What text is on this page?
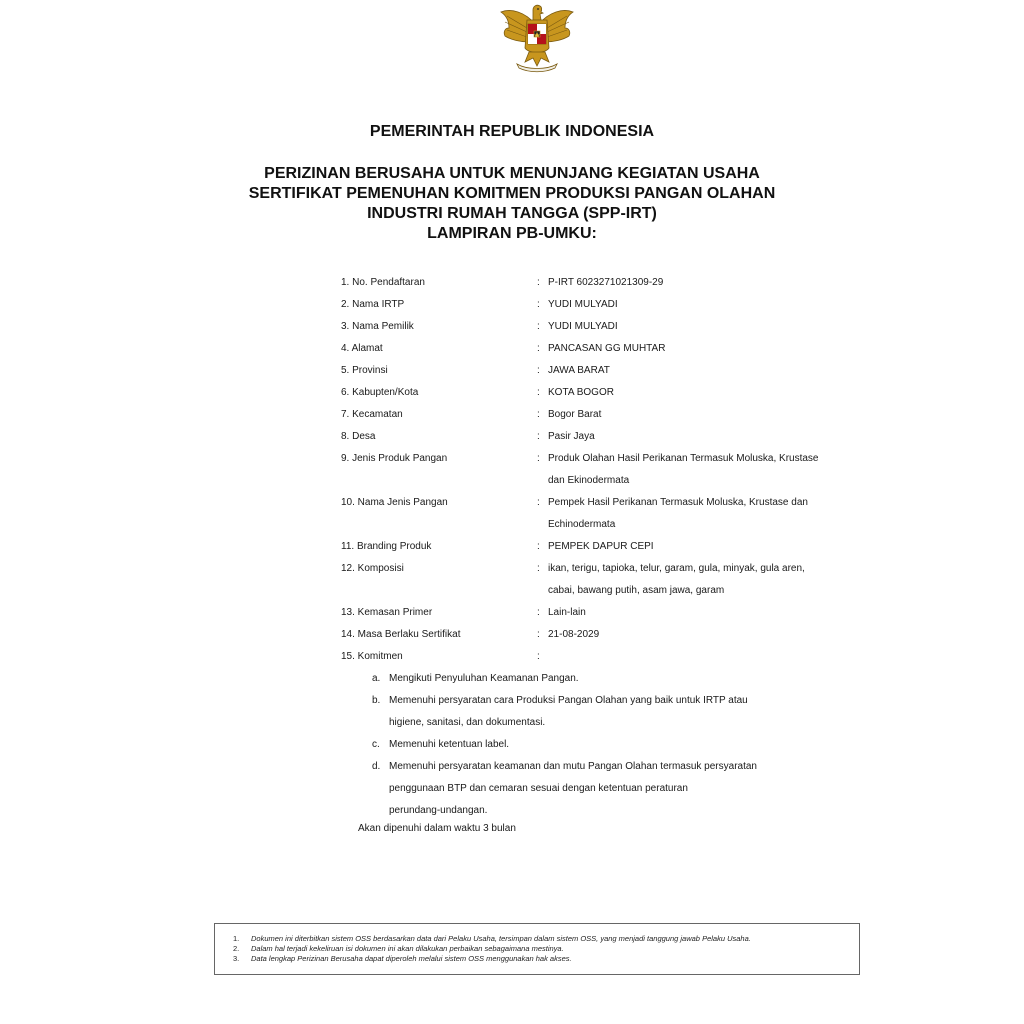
PEMERINTAH REPUBLIK INDONESIA
PERIZINAN BERUSAHA UNTUK MENUNJANG KEGIATAN USAHA
SERTIFIKAT PEMENUHAN KOMITMEN PRODUKSI PANGAN OLAHAN
INDUSTRI RUMAH TANGGA (SPP-IRT)
LAMPIRAN PB-UMKU:
1. No. Pendaftaran	: P-IRT 6023271021309-29
2. Nama IRTP	: YUDI MULYADI
3. Nama Pemilik	: YUDI MULYADI
4. Alamat	: PANCASAN GG MUHTAR
5. Provinsi	: JAWA BARAT
6. Kabupten/Kota	: KOTA BOGOR
7. Kecamatan	: Bogor Barat
8. Desa	: Pasir Jaya
9. Jenis Produk Pangan	: Produk Olahan Hasil Perikanan Termasuk Moluska, Krustase
dan Ekinodermata
10. Nama Jenis Pangan	: Pempek Hasil Perikanan Termasuk Moluska, Krustase dan
Echinodermata
11. Branding Produk	: PEMPEK DAPUR CEPI
12. Komposisi	: ikan, terigu, tapioka, telur, garam, gula, minyak, gula aren,
cabai, bawang putih, asam jawa, garam
13. Kemasan Primer	: Lain-lain
14. Masa Berlaku Sertifikat	: 21-08-2029
15. Komitmen	:
a. Mengikuti Penyuluhan Keamanan Pangan.
b. Memenuhi persyaratan cara Produksi Pangan Olahan yang baik untuk IRTP atau
higiene, sanitasi, dan dokumentasi.
c. Memenuhi ketentuan label.
d. Memenuhi persyaratan keamanan dan mutu Pangan Olahan termasuk persyaratan
penggunaan BTP dan cemaran sesuai dengan ketentuan peraturan
perundang-undangan.
Akan dipenuhi dalam waktu 3 bulan
1. Dokumen ini diterbitkan sistem OSS berdasarkan data dari Pelaku Usaha, tersimpan dalam sistem OSS, yang menjadi tanggung jawab Pelaku Usaha.
2. Dalam hal terjadi kekeliruan isi dokumen ini akan dilakukan perbaikan sebagaimana mestinya.
3. Data lengkap Perizinan Berusaha dapat diperoleh melalui sistem OSS menggunakan hak akses.
